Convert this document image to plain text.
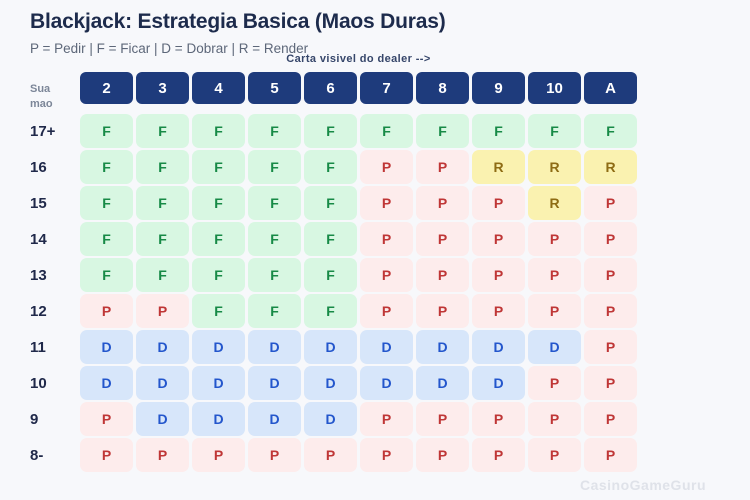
Blackjack: Estrategia Basica (Maos Duras)
P = Pedir | F = Ficar | D = Dobrar | R = Render
Carta visivel do dealer -->
Sua
mao
2	3	4	5	6	7	8	9	10	A
17+	F	F	F	F	F	F	F	F	F	F
16	F	F	F	F	F	P	P	R	R	R
15	F	F	F	F	F	P	P	P	R	P
14	F	F	F	F	F	P	P	P	P	P
13	F	F	F	F	F	P	P	P	P	P
12	P	P	F	F	F	P	P	P	P	P
11	D	D	D	D	D	D	D	D	D	P
10	D	D	D	D	D	D	D	D	P	P
9	P	D	D	D	D	P	P	P	P	P
8-	P	P	P	P	P	P	P	P	P	P
CasinoGameGuru
